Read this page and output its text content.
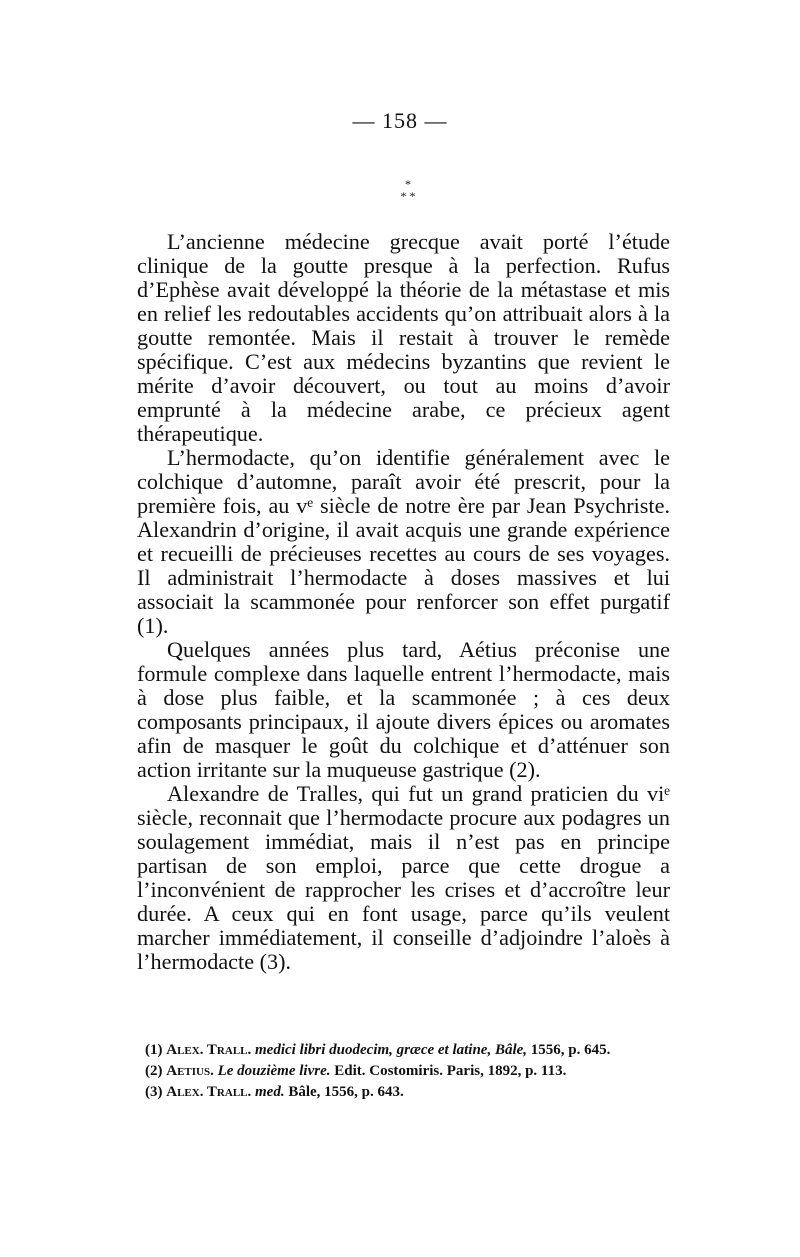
— 158 —
*
* *

L’ancienne médecine grecque avait porté l’étude clinique de la goutte presque à la perfection. Rufus d’Ephèse avait développé la théorie de la métastase et mis en relief les redoutables accidents qu’on attribuait alors à la goutte remontée. Mais il restait à trouver le remède spécifique. C’est aux médecins byzantins que revient le mérite d’avoir découvert, ou tout au moins d’avoir emprunté à la médecine arabe, ce précieux agent thérapeutique.

L’hermodacte, qu’on identifie généralement avec le colchique d’automne, paraît avoir été prescrit, pour la première fois, au vᵉ siècle de notre ère par Jean Psychriste. Alexandrin d’origine, il avait acquis une grande expérience et recueilli de précieuses recettes au cours de ses voyages. Il administrait l’hermodacte à doses massives et lui associait la scammonée pour renforcer son effet purgatif (1).

Quelques années plus tard, Aétius préconise une formule complexe dans laquelle entrent l’hermodacte, mais à dose plus faible, et la scammonée ; à ces deux composants principaux, il ajoute divers épices ou aromates afin de masquer le goût du colchique et d’atténuer son action irritante sur la muqueuse gastrique (2).

Alexandre de Tralles, qui fut un grand praticien du viᵉ siècle, reconnait que l’hermodacte procure aux podagres un soulagement immédiat, mais il n’est pas en principe partisan de son emploi, parce que cette drogue a l’inconvénient de rapprocher les crises et d’accroître leur durée. A ceux qui en font usage, parce qu’ils veulent marcher immédiatement, il conseille d’adjoindre l’aloès à l’hermodacte (3).

(1) Alex. Trall. medici libri duodecim, græce et latine, Bâle, 1556, p. 645.

(2) Aetius. Le douzième livre. Edit. Costomiris. Paris, 1892, p. 113.

(3) Alex. Trall. med. Bâle, 1556, p. 643.
